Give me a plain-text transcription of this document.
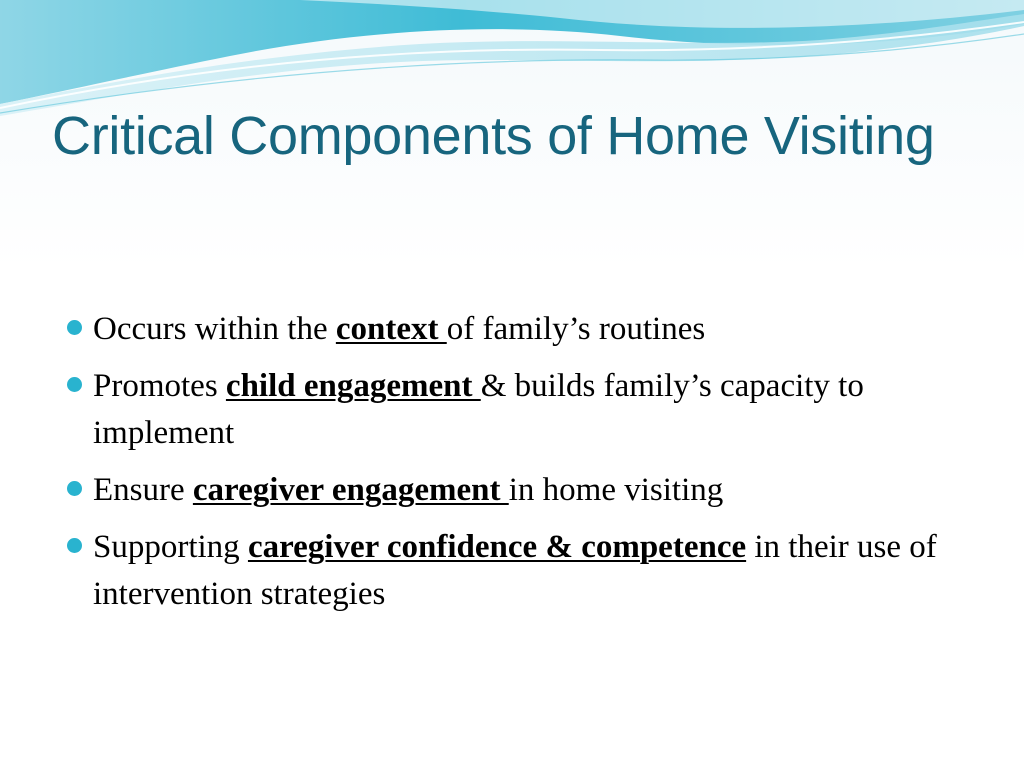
Critical Components of Home Visiting
Occurs within the context of family’s routines
Promotes child engagement & builds family’s capacity to implement
Ensure caregiver engagement in home visiting
Supporting caregiver confidence & competence in their use of intervention strategies
